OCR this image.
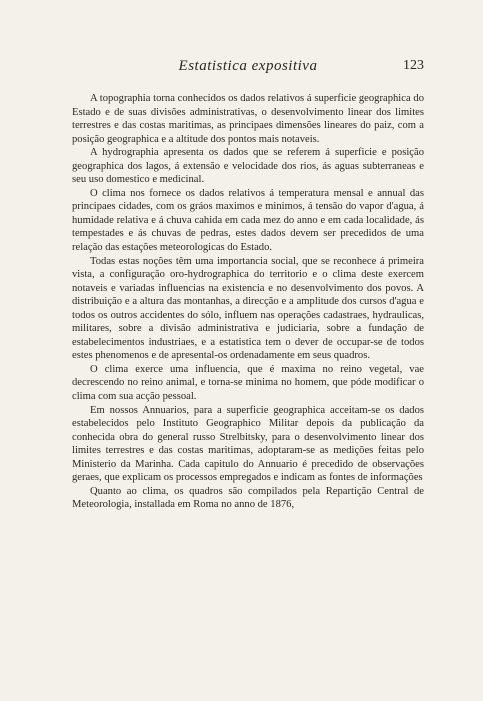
Estatistica expositiva	123

A topographia torna conhecidos os dados relativos á superficie geographica do Estado e de suas divisões administrativas, o desenvolvimento linear dos limites terrestres e das costas maritimas, as principaes dimensões lineares do paiz, com a posição geographica e a altitude dos pontos mais notaveis.

A hydrographia apresenta os dados que se referem á superficie e posição geographica dos lagos, á extensão e velocidade dos rios, ás aguas subterraneas e seu uso domestico e medicinal.

O clima nos fornece os dados relativos á temperatura mensal e annual das principaes cidades, com os gráos maximos e minimos, á tensão do vapor d'agua, á humidade relativa e á chuva cahida em cada mez do anno e em cada localidade, ás tempestades e ás chuvas de pedras, estes dados devem ser precedidos de uma relação das estações meteorologicas do Estado.

Todas estas noções têm uma importancia social, que se reconhece á primeira vista, a configuração oro-hydrographica do territorio e o clima deste exercem notaveis e variadas influencias na existencia e no desenvolvimento dos povos. A distribuição e a altura das montanhas, a direcção e a amplitude dos cursos d'agua e todos os outros accidentes do sólo, influem nas operações cadastraes, hydraulicas, militares, sobre a divisão administrativa e judiciaria, sobre a fundação de estabelecimentos industriaes, e a estatistica tem o dever de occupar-se de todos estes phenomenos e de apresental-os ordenadamente em seus quadros.

O clima exerce uma influencia, que é maxima no reino vegetal, vae decrescendo no reino animal, e torna-se minima no homem, que póde modificar o clima com sua acção pessoal.

Em nossos Annuarios, para a superficie geographica acceitam-se os dados estabelecidos pelo Instituto Geographico Militar depois da publicação da conhecida obra do general russo Strelbitsky, para o desenvolvimento linear dos limites terrestres e das costas maritimas, adoptaram-se as medições feitas pelo Ministerio da Marinha. Cada capitulo do Annuario é precedido de observações geraes, que explicam os processos empregados e indicam as fontes de informações

Quanto ao clima, os quadros são compilados pela Repartição Central de Meteorologia, installada em Roma no anno de 1876,
